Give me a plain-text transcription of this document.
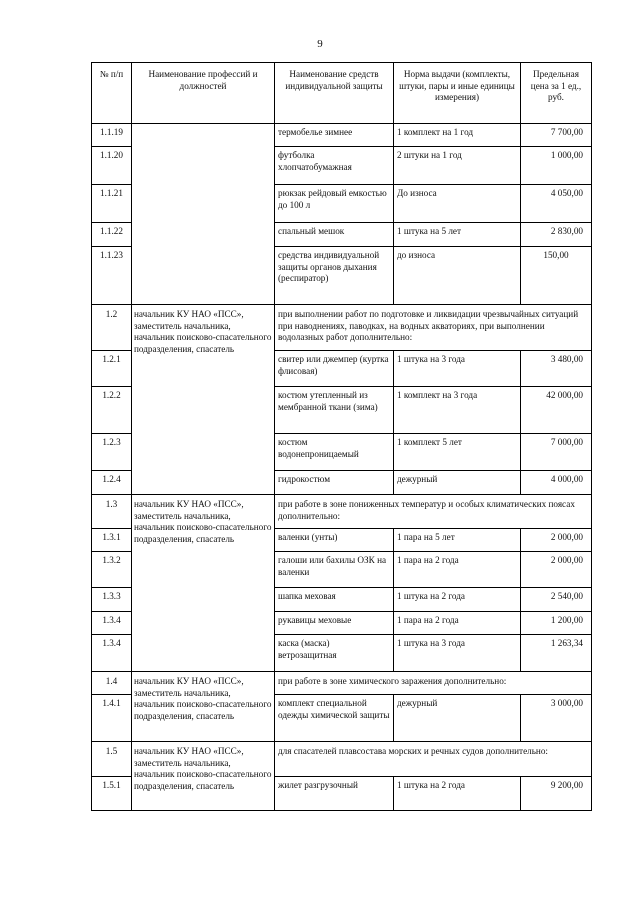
9
№ п/п	Наименование профессий и должностей	Наименование средств индивидуальной защиты	Норма выдачи (комплекты, штуки, пары и иные единицы измерения)	Предельная цена за 1 ед., руб.
1.1.19		термобелье зимнее	1 комплект на 1 год	7 700,00
1.1.20		футболка хлопчатобумажная	2 штуки на 1 год	1 000,00
1.1.21		рюкзак рейдовый емкостью до 100 л	До износа	4 050,00
1.1.22		спальный мешок	1 штука на 5 лет	2 830,00
1.1.23		средства индивидуальной защиты органов дыхания (респиратор)	до износа	150,00
1.2	начальник КУ НАО «ПСС», заместитель начальника, начальник поисково-спасательного подразделения, спасатель	при выполнении работ по подготовке и ликвидации чрезвычайных ситуаций при наводнениях, паводках, на водных акваториях, при выполнении водолазных работ дополнительно:		
1.2.1		свитер или джемпер (куртка флисовая)	1 штука на 3 года	3 480,00
1.2.2		костюм утепленный из мембранной ткани (зима)	1 комплект на 3 года	42 000,00
1.2.3		костюм водонепроницаемый	1 комплект 5 лет	7 000,00
1.2.4		гидрокостюм	дежурный	4 000,00
1.3	начальник КУ НАО «ПСС», заместитель начальника, начальник поисково-спасательного подразделения, спасатель	при работе в зоне пониженных температур и особых климатических поясах дополнительно:		
1.3.1		валенки (унты)	1 пара на 5 лет	2 000,00
1.3.2		галоши или бахилы ОЗК на валенки	1 пара на 2 года	2 000,00
1.3.3		шапка меховая	1 штука на 2 года	2 540,00
1.3.4		рукавицы меховые	1 пара на 2 года	1 200,00
1.3.4		каска (маска) ветрозащитная	1 штука на 3 года	1 263,34
1.4	начальник КУ НАО «ПСС», заместитель начальника, начальник поисково-спасательного подразделения, спасатель	при работе в зоне химического заражения дополнительно:		
1.4.1		комплект специальной одежды химической защиты	дежурный	3 000,00
1.5	начальник КУ НАО «ПСС», заместитель начальника, начальник поисково-спасательного подразделения, спасатель	для спасателей плавсостава морских и речных судов дополнительно:		
1.5.1		жилет разгрузочный	1 штука на 2 года	9 200,00
